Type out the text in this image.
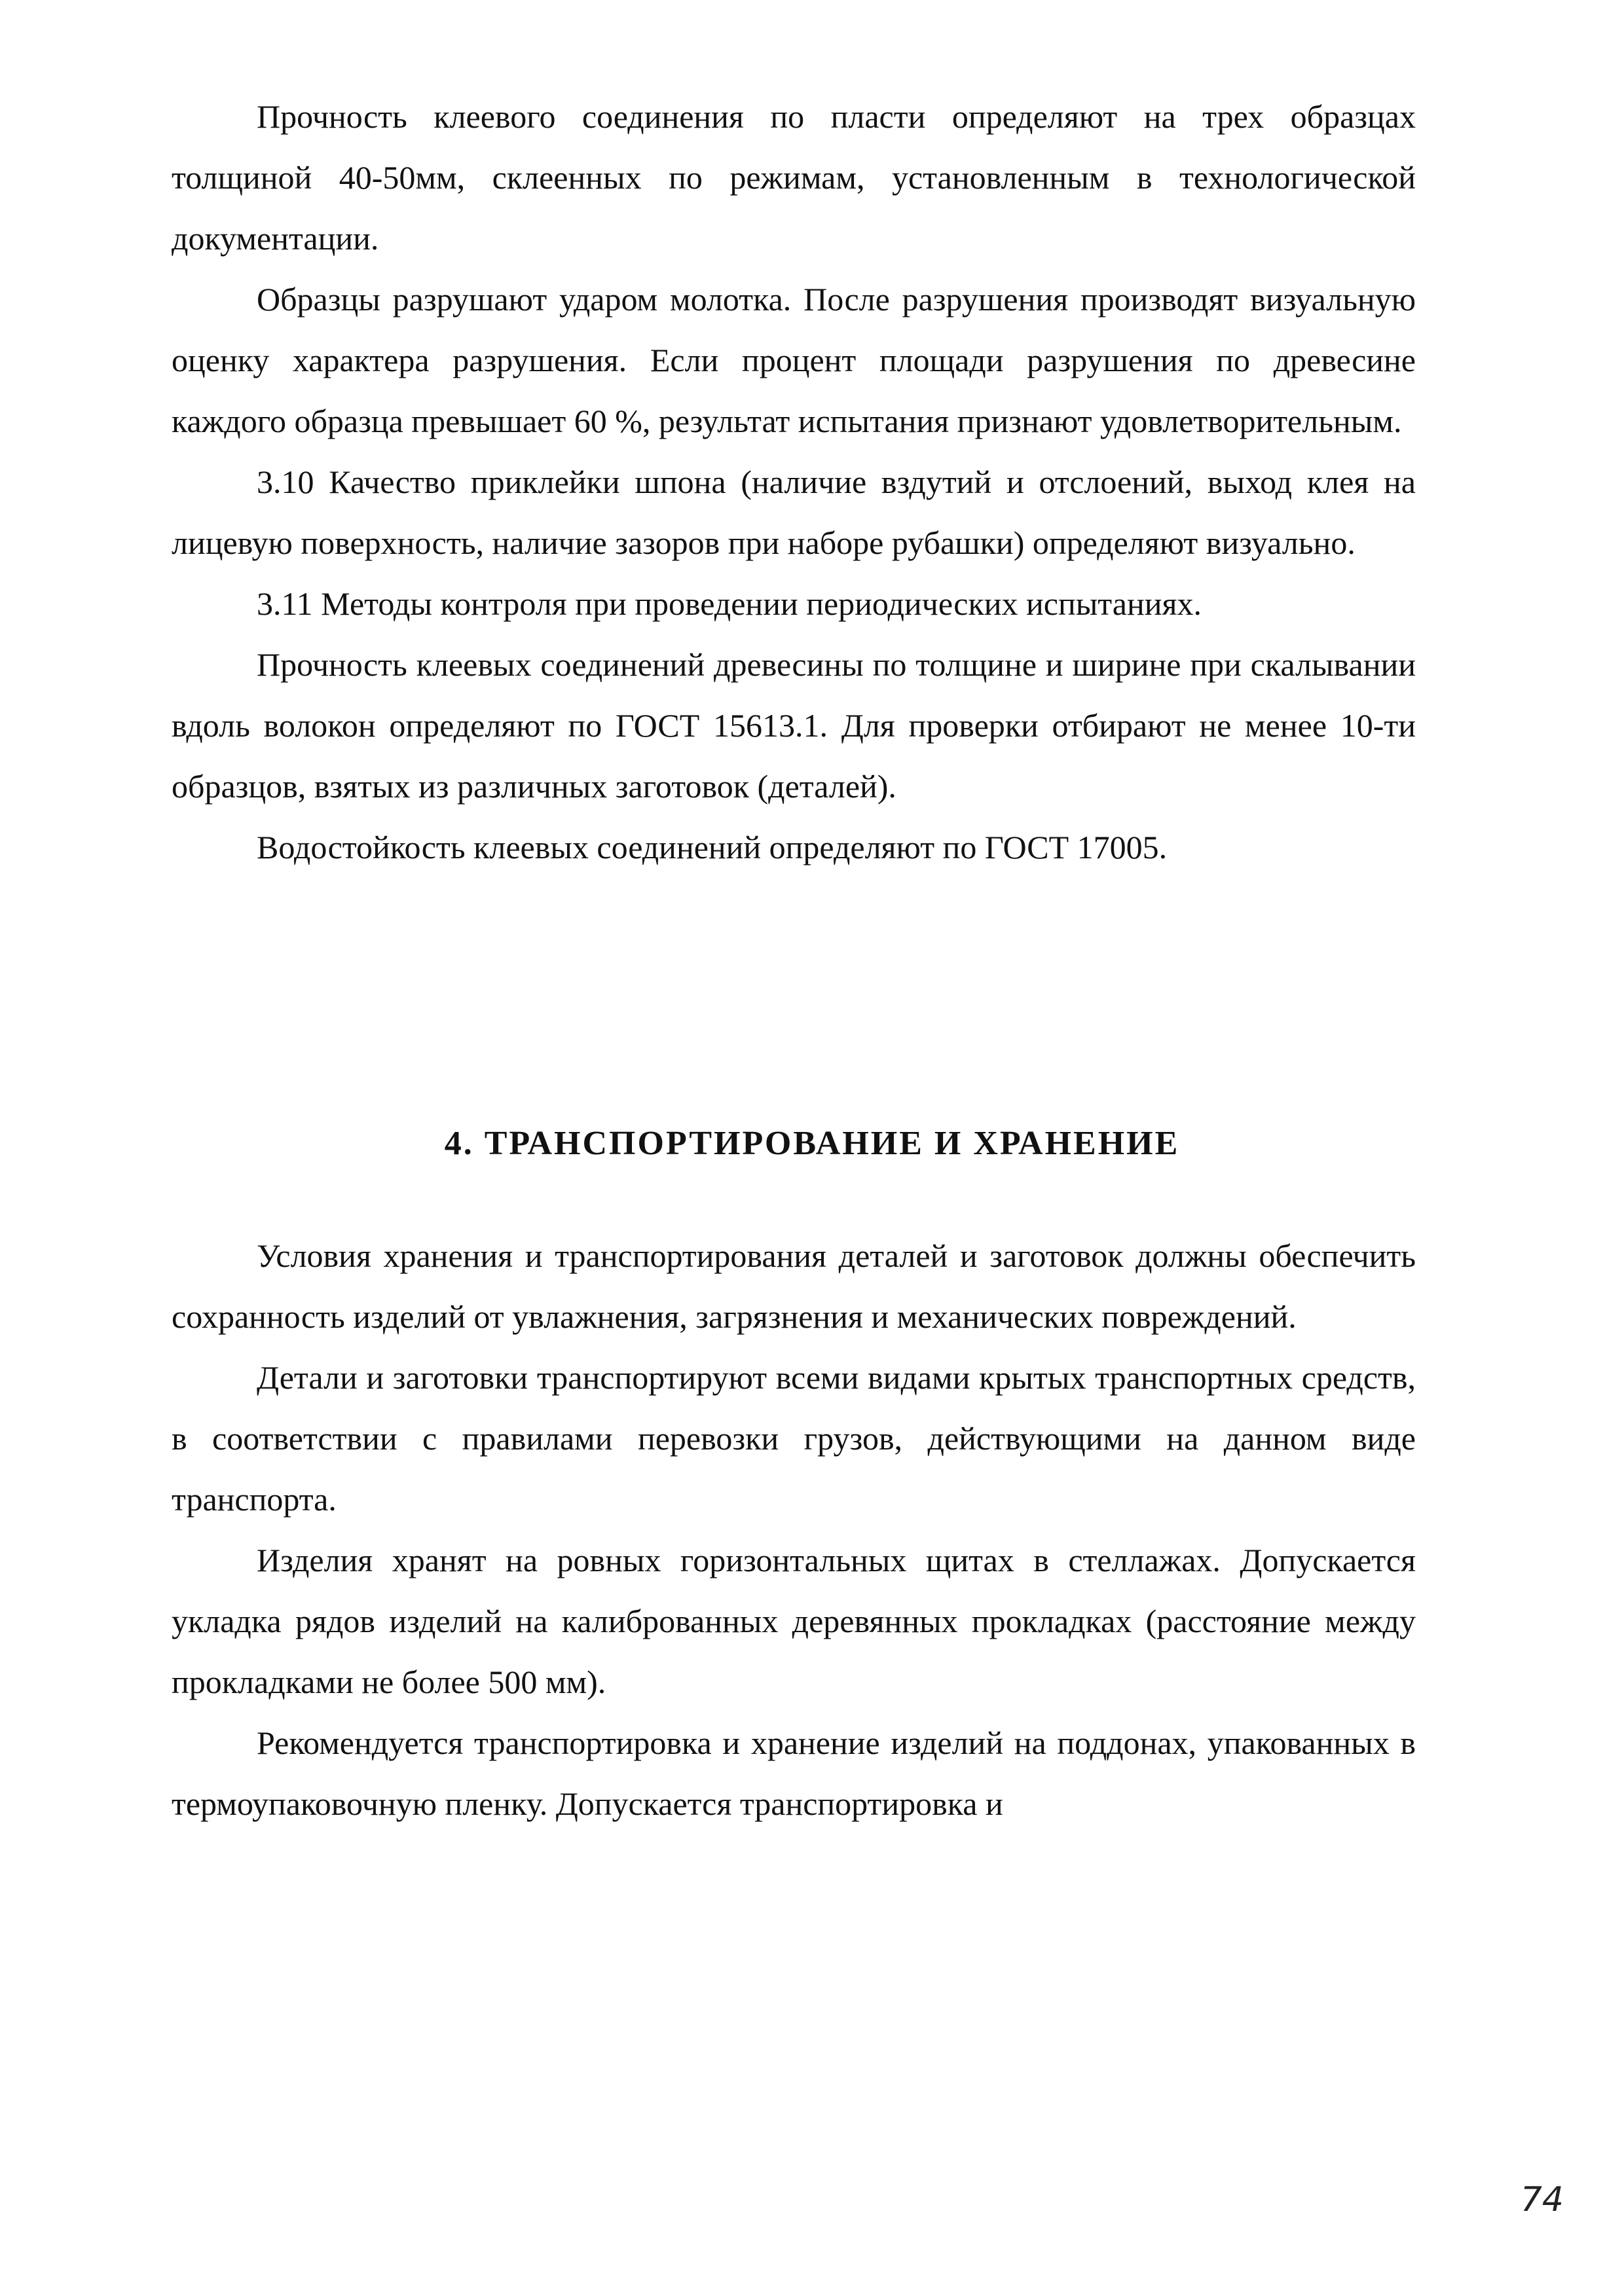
Прочность клеевого соединения по пласти определяют на трех образцах толщиной 40-50мм, склеенных по режимам, установленным в технологической документации.

Образцы разрушают ударом молотка. После разрушения производят визуальную оценку характера разрушения. Если процент площади разрушения по древесине каждого образца превышает 60 %, результат испытания признают удовлетворительным.

3.10 Качество приклейки шпона (наличие вздутий и отслоений, выход клея на лицевую поверхность, наличие зазоров при наборе рубашки) определяют визуально.

3.11 Методы контроля при проведении периодических испытаниях.

Прочность клеевых соединений древесины по толщине и ширине при скалывании вдоль волокон определяют по ГОСТ 15613.1. Для проверки отбирают не менее 10-ти образцов, взятых из различных заготовок (деталей).

Водостойкость клеевых соединений определяют по ГОСТ 17005.

4. ТРАНСПОРТИРОВАНИЕ И ХРАНЕНИЕ

Условия хранения и транспортирования деталей и заготовок должны обеспечить сохранность изделий от увлажнения, загрязнения и механических повреждений.

Детали и заготовки транспортируют всеми видами крытых транспортных средств, в соответствии с правилами перевозки грузов, действующими на данном виде транспорта.

Изделия хранят на ровных горизонтальных щитах в стеллажах. Допускается укладка рядов изделий на калиброванных деревянных прокладках (расстояние между прокладками не более 500 мм).

Рекомендуется транспортировка и хранение изделий на поддонах, упакованных в термоупаковочную пленку. Допускается транспортировка и

74
